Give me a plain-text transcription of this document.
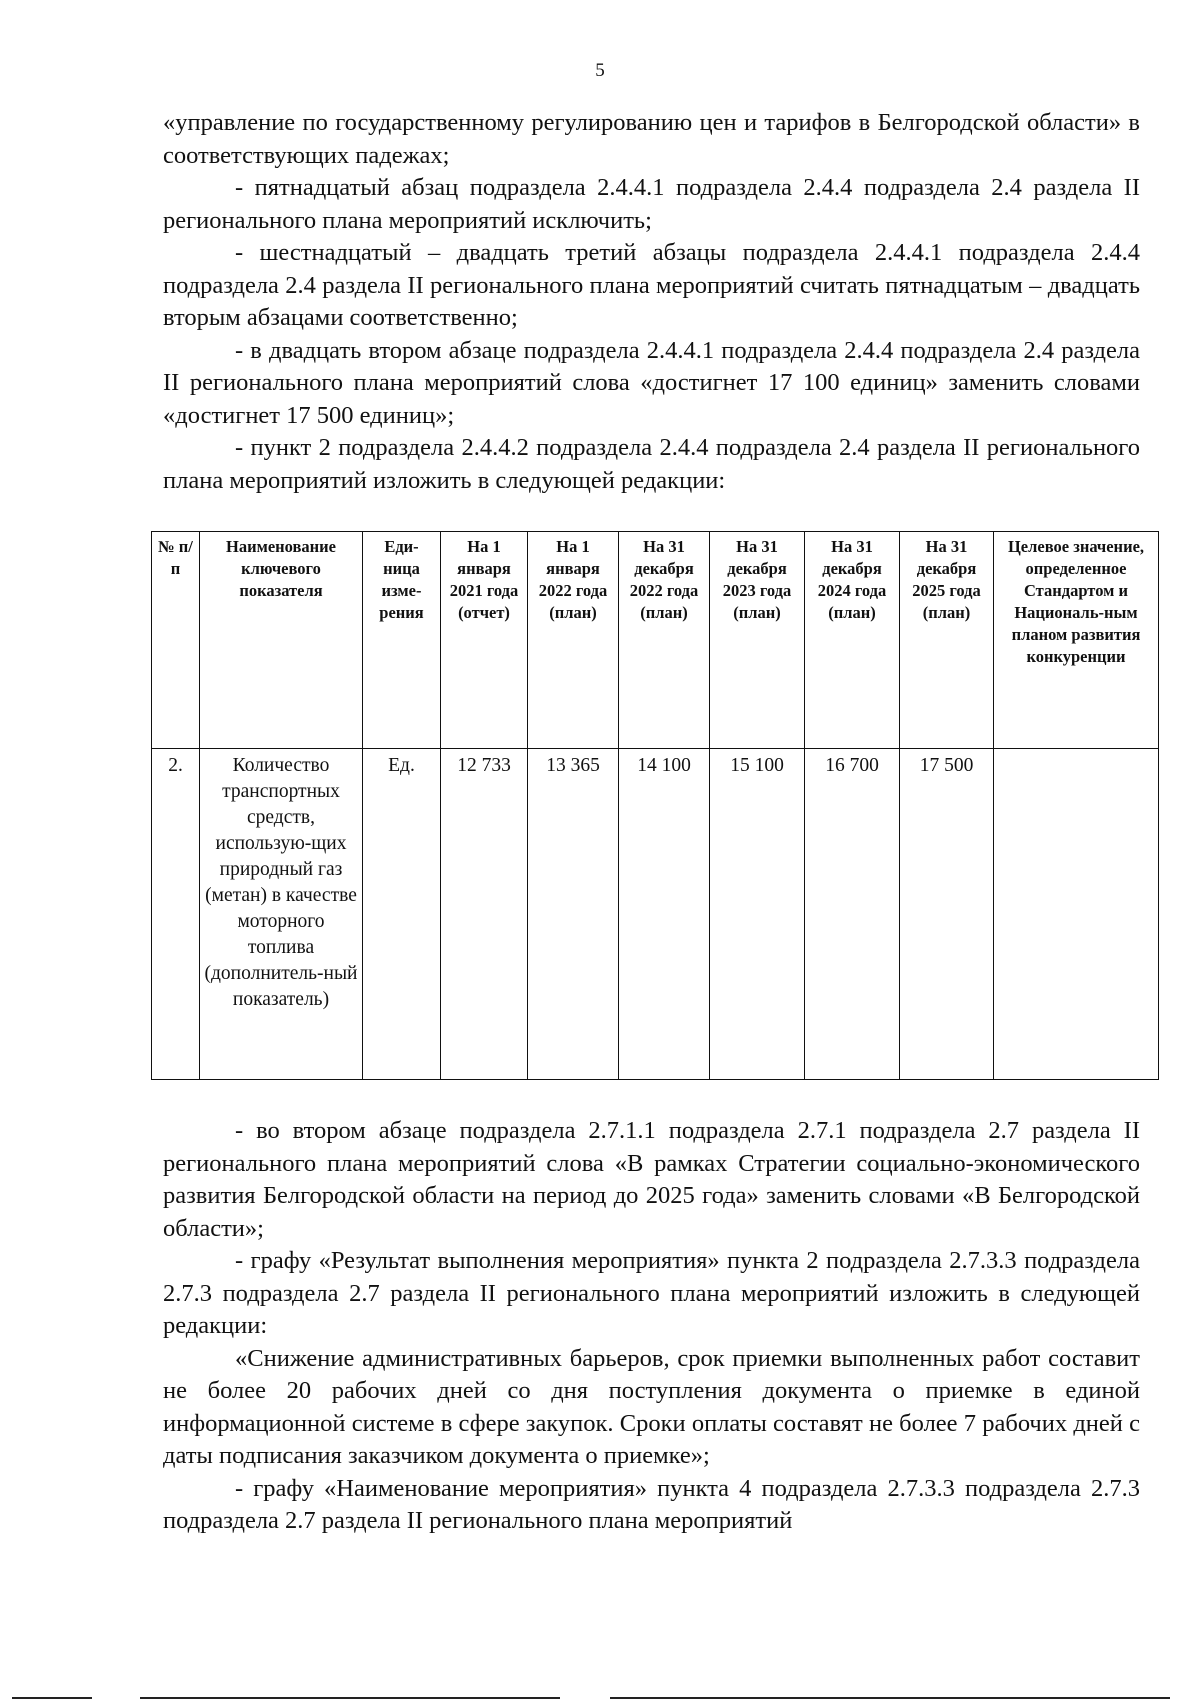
5

«управление по государственному регулированию цен и тарифов в Белгородской области» в соответствующих падежах;

- пятнадцатый абзац подраздела 2.4.4.1 подраздела 2.4.4 подраздела 2.4 раздела II регионального плана мероприятий исключить;

- шестнадцатый – двадцать третий абзацы подраздела 2.4.4.1 подраздела 2.4.4 подраздела 2.4 раздела II регионального плана мероприятий считать пятнадцатым – двадцать вторым абзацами соответственно;

- в двадцать втором абзаце подраздела 2.4.4.1 подраздела 2.4.4 подраздела 2.4 раздела II регионального плана мероприятий слова «достигнет 17 100 единиц» заменить словами «достигнет 17 500 единиц»;

- пункт 2 подраздела 2.4.4.2 подраздела 2.4.4 подраздела 2.4 раздела II регионального плана мероприятий изложить в следующей редакции:

№ п/п	Наименование ключевого показателя	Еди-ница изме-рения	На 1 января 2021 года (отчет)	На 1 января 2022 года (план)	На 31 декабря 2022 года (план)	На 31 декабря 2023 года (план)	На 31 декабря 2024 года (план)	На 31 декабря 2025 года (план)	Целевое значение, определенное Стандартом и Националь-ным планом развития конкуренции
2.	Количество транспортных средств, использую-щих природный газ (метан) в качестве моторного топлива (дополнитель-ный показатель)	Ед.	12 733	13 365	14 100	15 100	16 700	17 500	

- во втором абзаце подраздела 2.7.1.1 подраздела 2.7.1 подраздела 2.7 раздела II регионального плана мероприятий слова «В рамках Стратегии социально-экономического развития Белгородской области на период до 2025 года» заменить словами «В Белгородской области»;

- графу «Результат выполнения мероприятия» пункта 2 подраздела 2.7.3.3 подраздела 2.7.3 подраздела 2.7 раздела II регионального плана мероприятий изложить в следующей редакции:

«Снижение административных барьеров, срок приемки выполненных работ составит не более 20 рабочих дней со дня поступления документа о приемке в единой информационной системе в сфере закупок. Сроки оплаты составят не более 7 рабочих дней с даты подписания заказчиком документа о приемке»;

- графу «Наименование мероприятия» пункта 4 подраздела 2.7.3.3 подраздела 2.7.3 подраздела 2.7 раздела II регионального плана мероприятий
